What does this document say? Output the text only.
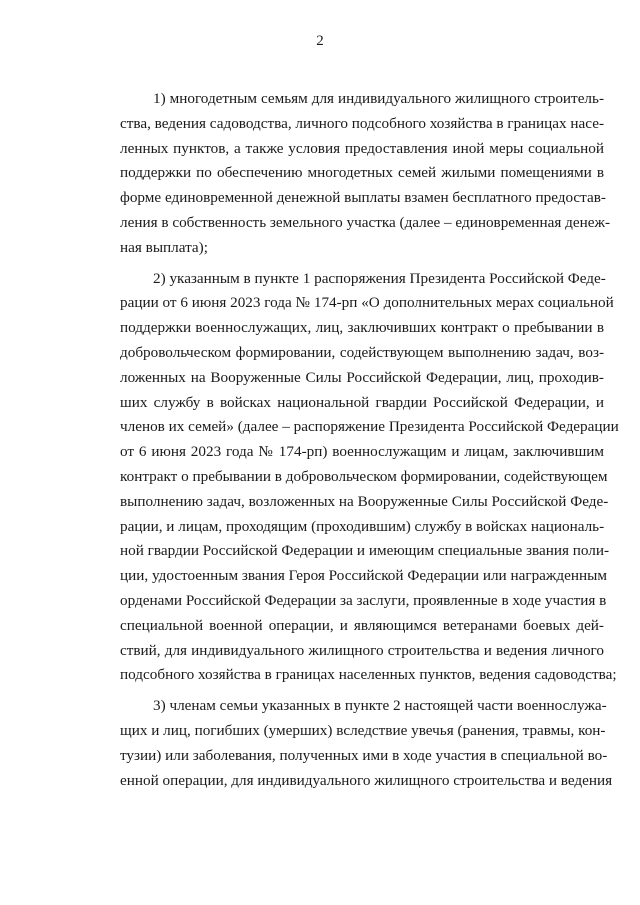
2

1) многодетным семьям для индивидуального жилищного строитель-
ства, ведения садоводства, личного подсобного хозяйства в границах насе-
ленных пунктов, а также условия предоставления иной меры социальной
поддержки по обеспечению многодетных семей жилыми помещениями в
форме единовременной денежной выплаты взамен бесплатного предостав-
ления в собственность земельного участка (далее – единовременная денеж-
ная выплата);

2) указанным в пункте 1 распоряжения Президента Российской Феде-
рации от 6 июня 2023 года № 174-рп «О дополнительных мерах социальной
поддержки военнослужащих, лиц, заключивших контракт о пребывании в
добровольческом формировании, содействующем выполнению задач, воз-
ложенных на Вооруженные Силы Российской Федерации, лиц, проходив-
ших службу в войсках национальной гвардии Российской Федерации, и
членов их семей» (далее – распоряжение Президента Российской Федерации
от 6 июня 2023 года № 174-рп) военнослужащим и лицам, заключившим
контракт о пребывании в добровольческом формировании, содействующем
выполнению задач, возложенных на Вооруженные Силы Российской Феде-
рации, и лицам, проходящим (проходившим) службу в войсках националь-
ной гвардии Российской Федерации и имеющим специальные звания поли-
ции, удостоенным звания Героя Российской Федерации или награжденным
орденами Российской Федерации за заслуги, проявленные в ходе участия в
специальной военной операции, и являющимся ветеранами боевых дей-
ствий, для индивидуального жилищного строительства и ведения личного
подсобного хозяйства в границах населенных пунктов, ведения садоводства;

3) членам семьи указанных в пункте 2 настоящей части военнослужа-
щих и лиц, погибших (умерших) вследствие увечья (ранения, травмы, кон-
тузии) или заболевания, полученных ими в ходе участия в специальной во-
енной операции, для индивидуального жилищного строительства и ведения
